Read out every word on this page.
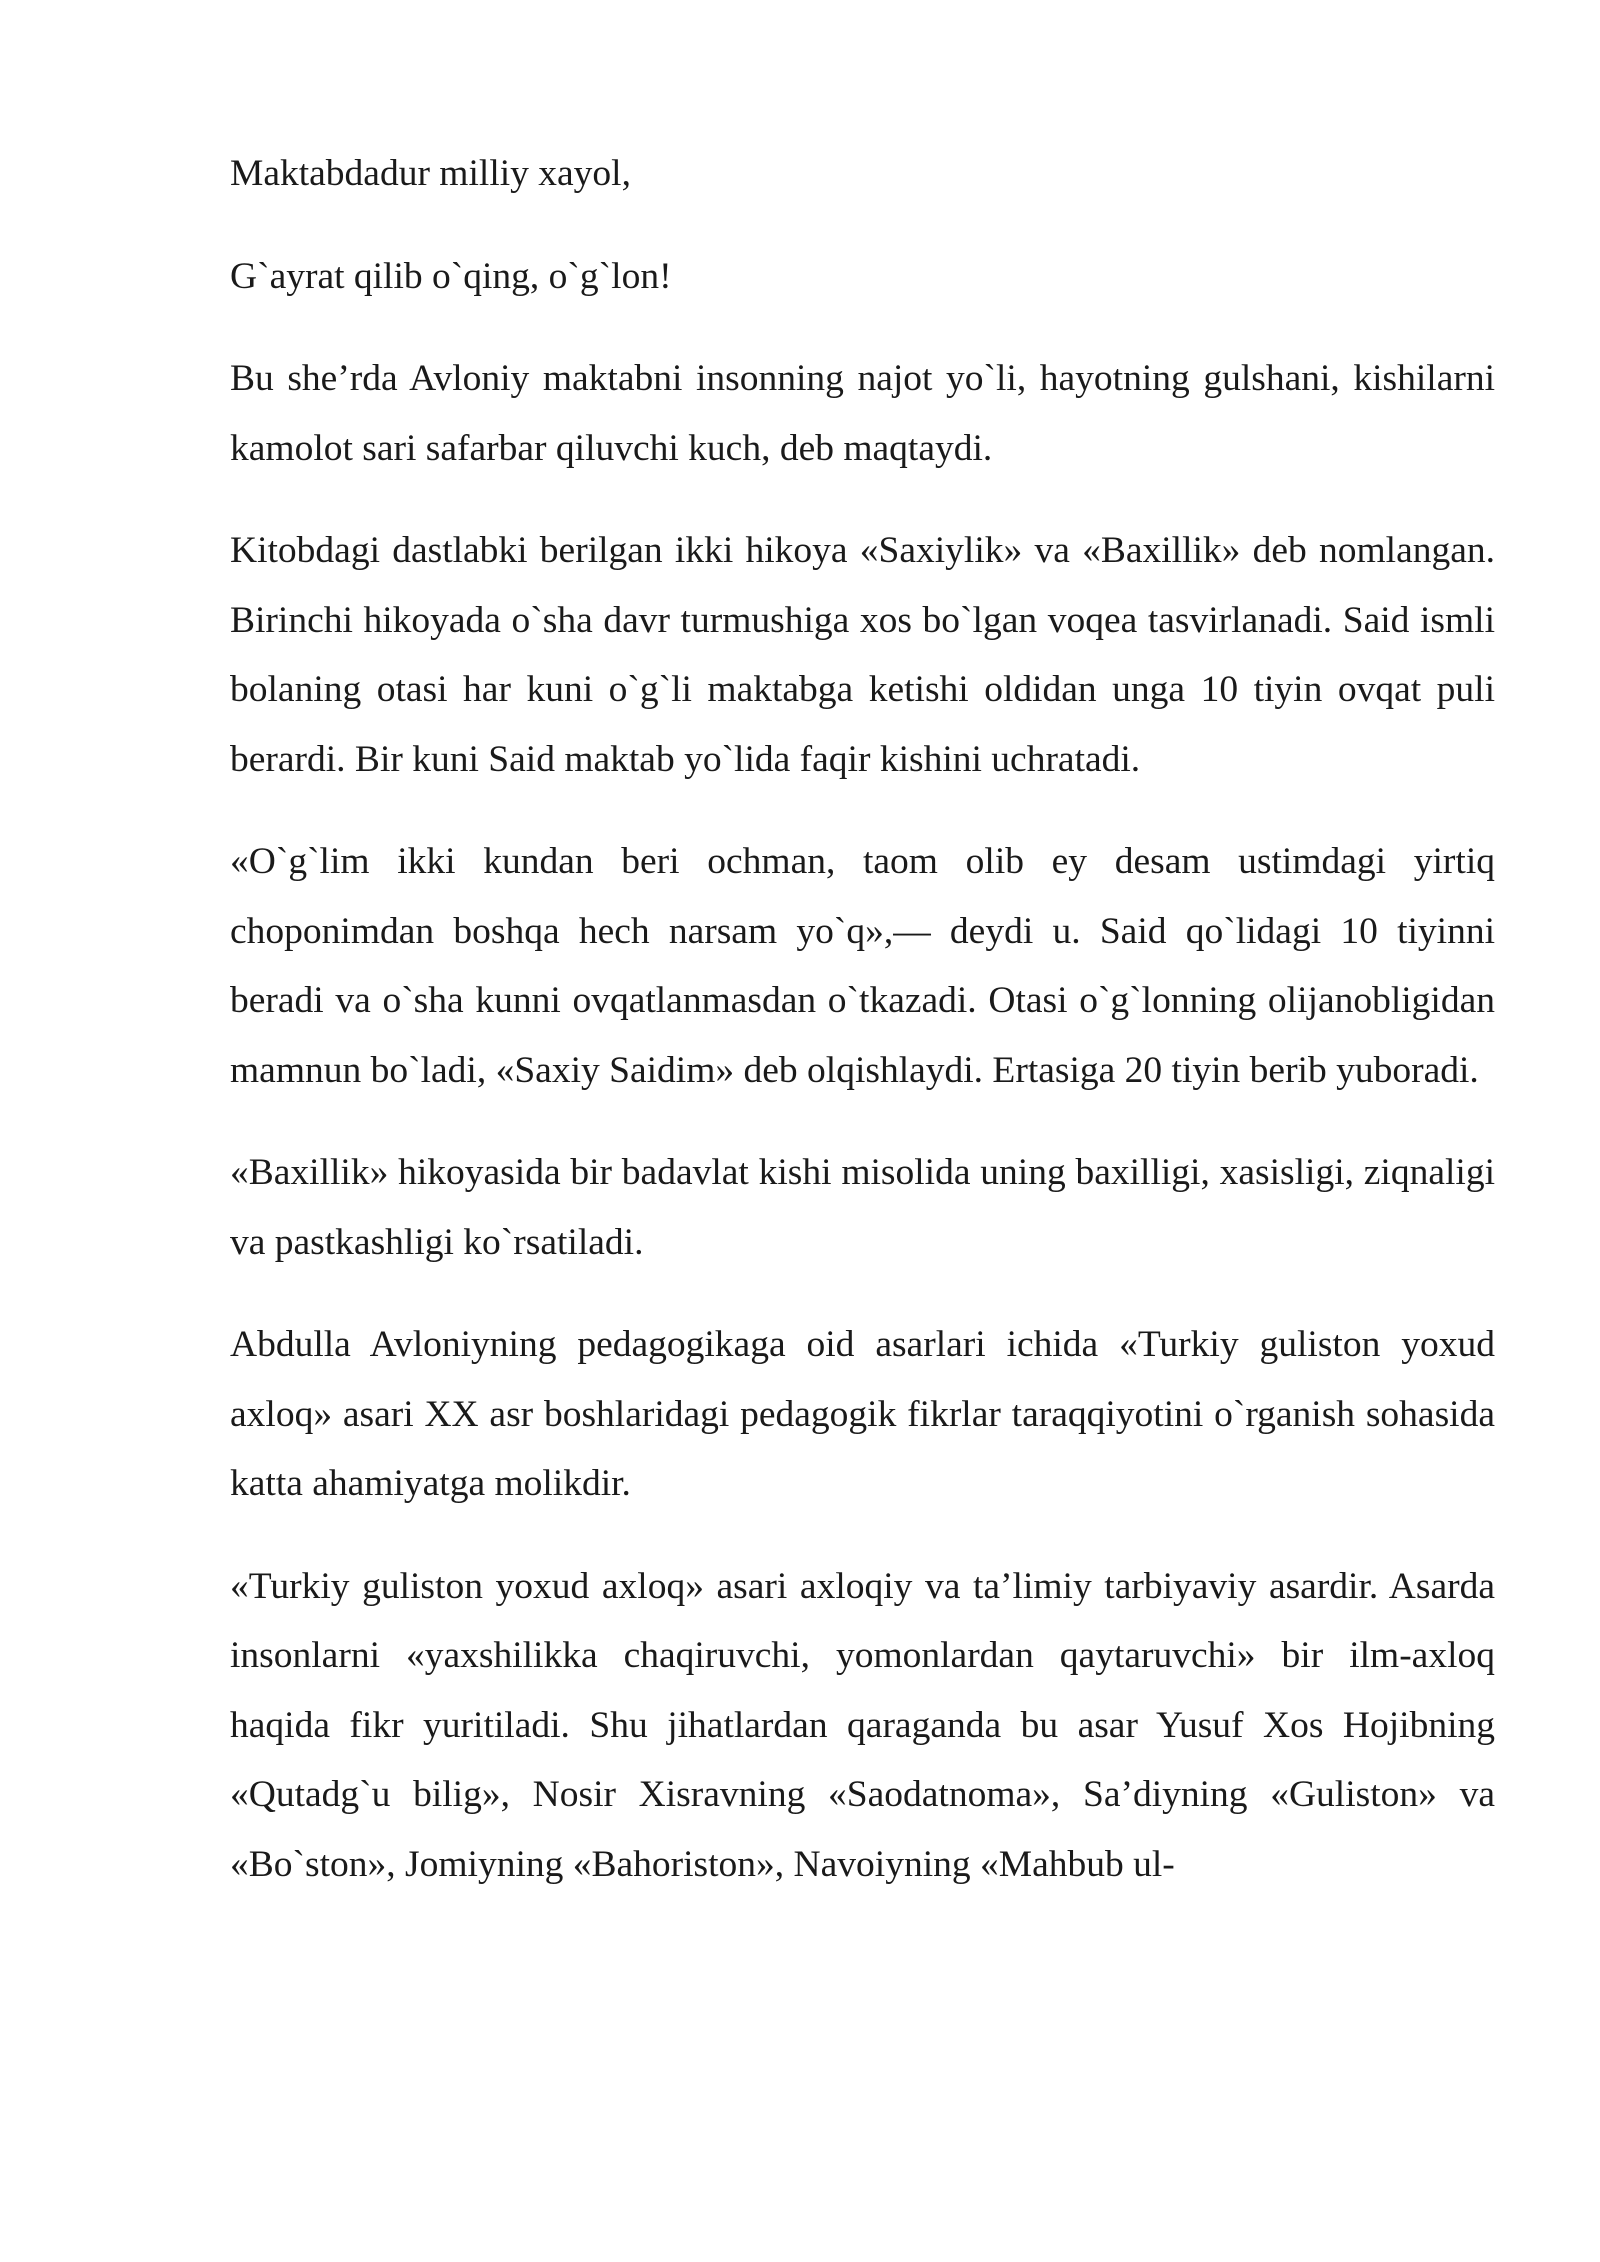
Maktabdadur milliy xayol,

G`ayrat qilib o`qing, o`g`lon!

Bu she’rda Avloniy maktabni insonning najot yo`li, hayotning gulshani, kishilarni kamolot sari safarbar qiluvchi kuch, deb maqtaydi.

Kitobdagi dastlabki berilgan ikki hikoya «Saxiylik» va «Baxillik» deb nomlangan. Birinchi hikoyada o`sha davr turmushiga xos bo`lgan voqea tasvirlanadi. Said ismli bolaning otasi har kuni o`g`li maktabga ketishi oldidan unga 10 tiyin ovqat puli berardi. Bir kuni Said maktab yo`lida faqir kishini uchratadi.

«O`g`lim ikki kundan beri ochman, taom olib ey desam ustimdagi yirtiq choponimdan boshqa hech narsam yo`q»,— deydi u. Said qo`lidagi 10 tiyinni beradi va o`sha kunni ovqatlanmasdan o`tkazadi. Otasi o`g`lonning olijanobligidan mamnun bo`ladi, «Saxiy Saidim» deb olqishlaydi. Ertasiga 20 tiyin berib yuboradi.

«Baxillik» hikoyasida bir badavlat kishi misolida uning baxilligi, xasisligi, ziqnaligi va pastkashligi ko`rsatiladi.

Abdulla Avloniyning pedagogikaga oid asarlari ichida «Turkiy guliston yoxud axloq» asari XX asr boshlaridagi pedagogik fikrlar taraqqiyotini o`rganish sohasida katta ahamiyatga molikdir.

«Turkiy guliston yoxud axloq» asari axloqiy va ta’limiy tarbiyaviy asardir. Asarda insonlarni «yaxshilikka chaqiruvchi, yomonlardan qaytaruvchi» bir ilm-axloq haqida fikr yuritiladi. Shu jihatlardan qaraganda bu asar Yusuf Xos Hojibning «Qutadg`u bilig», Nosir Xisravning «Saodatnoma», Sa’diyning «Guliston» va «Bo`ston», Jomiyning «Bahoriston», Navoiyning «Mahbub ul-
